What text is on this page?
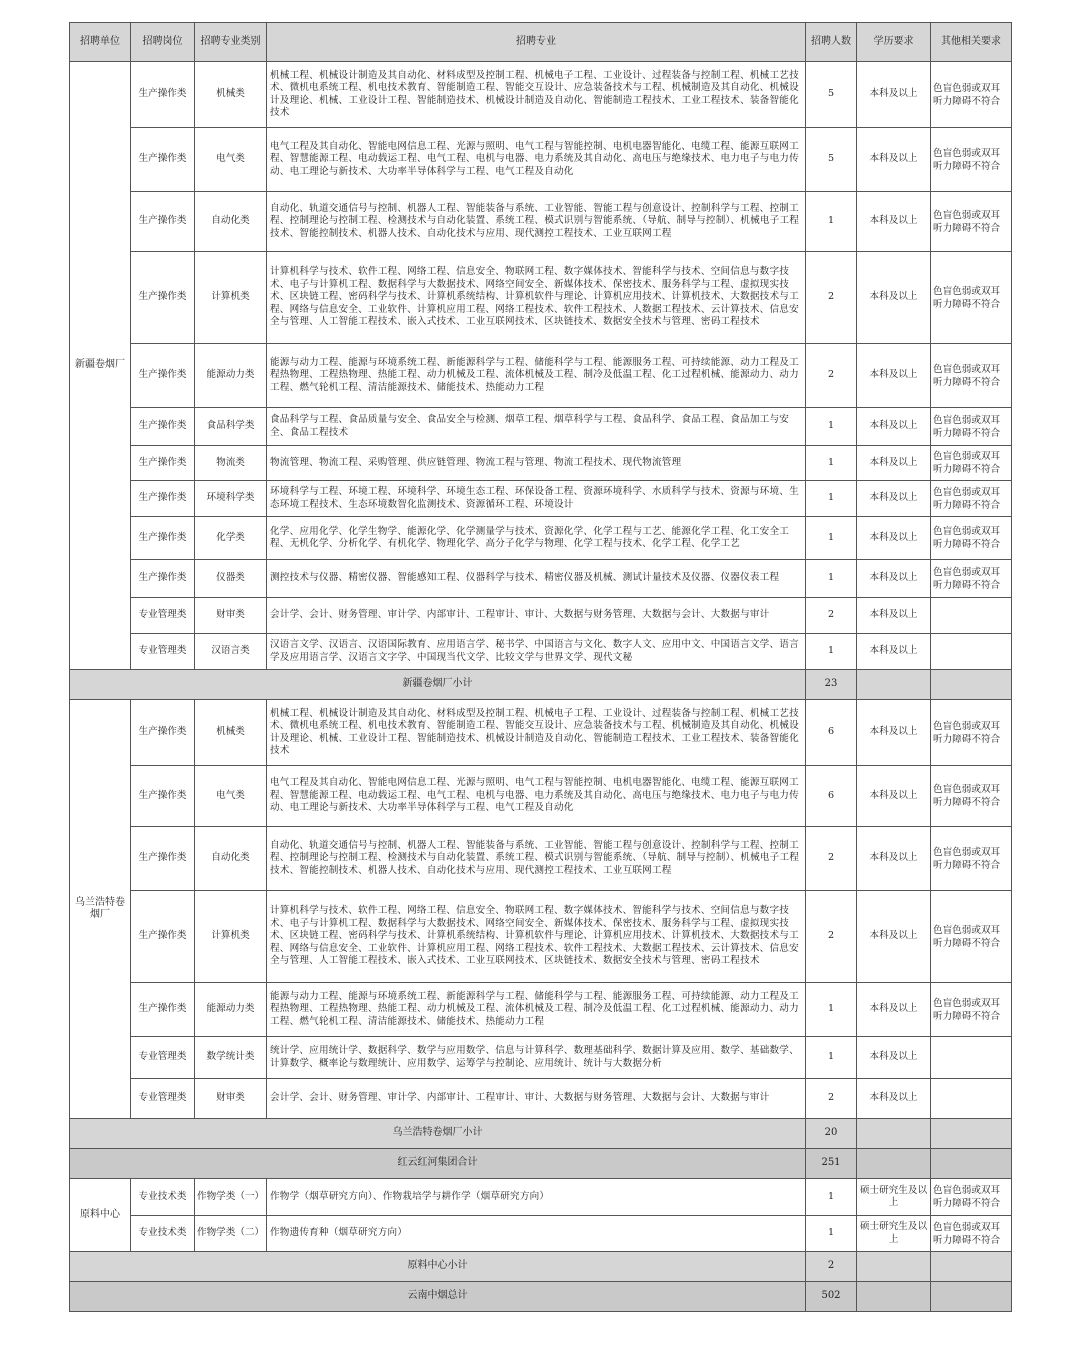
招聘单位	招聘岗位	招聘专业类别	招聘专业	招聘人数	学历要求	其他相关要求
新疆卷烟厂	生产操作类	机械类	机械工程、机械设计制造及其自动化、材料成型及控制工程、机械电子工程、工业设计、过程装备与控制工程、机械工艺技术、微机电系统工程、机电技术教育、智能制造工程、智能交互设计、应急装备技术与工程、机械制造及其自动化、机械设计及理论、机械、工业设计工程、智能制造技术、机械设计制造及自动化、智能制造工程技术、工业工程技术、装备智能化技术	5	本科及以上	色盲色弱或双耳听力障碍不符合
	生产操作类	电气类	电气工程及其自动化、智能电网信息工程、光源与照明、电气工程与智能控制、电机电器智能化、电缆工程、能源互联网工程、智慧能源工程、电动载运工程、电气工程、电机与电器、电力系统及其自动化、高电压与绝缘技术、电力电子与电力传动、电工理论与新技术、大功率半导体科学与工程、电气工程及自动化	5	本科及以上	色盲色弱或双耳听力障碍不符合
	生产操作类	自动化类	自动化、轨道交通信号与控制、机器人工程、智能装备与系统、工业智能、智能工程与创意设计、控制科学与工程、控制工程、控制理论与控制工程、检测技术与自动化装置、系统工程、模式识别与智能系统、（导航、制导与控制）、机械电子工程技术、智能控制技术、机器人技术、自动化技术与应用、现代测控工程技术、工业互联网工程	1	本科及以上	色盲色弱或双耳听力障碍不符合
	生产操作类	计算机类	计算机科学与技术、软件工程、网络工程、信息安全、物联网工程、数字媒体技术、智能科学与技术、空间信息与数字技术、电子与计算机工程、数据科学与大数据技术、网络空间安全、新媒体技术、保密技术、服务科学与工程、虚拟现实技术、区块链工程、密码科学与技术、计算机系统结构、计算机软件与理论、计算机应用技术、计算机技术、大数据技术与工程、网络与信息安全、工业软件、计算机应用工程、网络工程技术、软件工程技术、人数据工程技术、云计算技术、信息安全与管理、人工智能工程技术、嵌入式技术、工业互联网技术、区块链技术、数据安全技术与管理、密码工程技术	2	本科及以上	色盲色弱或双耳听力障碍不符合
	生产操作类	能源动力类	能源与动力工程、能源与环境系统工程、新能源科学与工程、储能科学与工程、能源服务工程、可持续能源、动力工程及工程热物理、工程热物理、热能工程、动力机械及工程、流体机械及工程、制冷及低温工程、化工过程机械、能源动力、动力工程、燃气轮机工程、清洁能源技术、储能技术、热能动力工程	2	本科及以上	色盲色弱或双耳听力障碍不符合
	生产操作类	食品科学类	食品科学与工程、食品质量与安全、食品安全与检测、烟草工程、烟草科学与工程、食品科学、食品工程、食品加工与安全、食品工程技术	1	本科及以上	色盲色弱或双耳听力障碍不符合
	生产操作类	物流类	物流管理、物流工程、采购管理、供应链管理、物流工程与管理、物流工程技术、现代物流管理	1	本科及以上	色盲色弱或双耳听力障碍不符合
	生产操作类	环境科学类	环境科学与工程、环境工程、环境科学、环境生态工程、环保设备工程、资源环境科学、水质科学与技术、资源与环境、生态环境工程技术、生态环境数智化监测技术、资源循环工程、环境设计	1	本科及以上	色盲色弱或双耳听力障碍不符合
	生产操作类	化学类	化学、应用化学、化学生物学、能源化学、化学测量学与技术、资源化学、化学工程与工艺、能源化学工程、化工安全工程、无机化学、分析化学、有机化学、物理化学、高分子化学与物理、化学工程与技术、化学工程、化学工艺	1	本科及以上	色盲色弱或双耳听力障碍不符合
	生产操作类	仪器类	测控技术与仪器、精密仪器、智能感知工程、仪器科学与技术、精密仪器及机械、测试计量技术及仪器、仪器仪表工程	1	本科及以上	色盲色弱或双耳听力障碍不符合
	专业管理类	财审类	会计学、会计、财务管理、审计学、内部审计、工程审计、审计、大数据与财务管理、大数据与会计、大数据与审计	2	本科及以上	
	专业管理类	汉语言类	汉语言文学、汉语言、汉语国际教育、应用语言学、秘书学、中国语言与文化、数字人文、应用中文、中国语言文学、语言学及应用语言学、汉语言文字学、中国现当代文学、比较文学与世界文学、现代文秘	1	本科及以上	
新疆卷烟厂小计				23		
乌兰浩特卷烟厂	生产操作类	机械类	机械工程、机械设计制造及其自动化、材料成型及控制工程、机械电子工程、工业设计、过程装备与控制工程、机械工艺技术、微机电系统工程、机电技术教育、智能制造工程、智能交互设计、应急装备技术与工程、机械制造及其自动化、机械设计及理论、机械、工业设计工程、智能制造技术、机械设计制造及自动化、智能制造工程技术、工业工程技术、装备智能化技术	6	本科及以上	色盲色弱或双耳听力障碍不符合
	生产操作类	电气类	电气工程及其自动化、智能电网信息工程、光源与照明、电气工程与智能控制、电机电器智能化、电缆工程、能源互联网工程、智慧能源工程、电动载运工程、电气工程、电机与电器、电力系统及其自动化、高电压与绝缘技术、电力电子与电力传动、电工理论与新技术、大功率半导体科学与工程、电气工程及自动化	6	本科及以上	色盲色弱或双耳听力障碍不符合
	生产操作类	自动化类	自动化、轨道交通信号与控制、机器人工程、智能装备与系统、工业智能、智能工程与创意设计、控制科学与工程、控制工程、控制理论与控制工程、检测技术与自动化装置、系统工程、模式识别与智能系统、（导航、制导与控制）、机械电子工程技术、智能控制技术、机器人技术、自动化技术与应用、现代测控工程技术、工业互联网工程	2	本科及以上	色盲色弱或双耳听力障碍不符合
	生产操作类	计算机类	计算机科学与技术、软件工程、网络工程、信息安全、物联网工程、数字媒体技术、智能科学与技术、空间信息与数字技术、电子与计算机工程、数据科学与大数据技术、网络空间安全、新媒体技术、保密技术、服务科学与工程、虚拟现实技术、区块链工程、密码科学与技术、计算机系统结构、计算机软件与理论、计算机应用技术、计算机技术、大数据技术与工程、网络与信息安全、工业软件、计算机应用工程、网络工程技术、软件工程技术、大数据工程技术、云计算技术、信息安全与管理、人工智能工程技术、嵌入式技术、工业互联网技术、区块链技术、数据安全技术与管理、密码工程技术	2	本科及以上	色盲色弱或双耳听力障碍不符合
	生产操作类	能源动力类	能源与动力工程、能源与环境系统工程、新能源科学与工程、储能科学与工程、能源服务工程、可持续能源、动力工程及工程热物理、工程热物理、热能工程、动力机械及工程、流体机械及工程、制冷及低温工程、化工过程机械、能源动力、动力工程、燃气轮机工程、清洁能源技术、储能技术、热能动力工程	1	本科及以上	色盲色弱或双耳听力障碍不符合
	专业管理类	数学统计类	统计学、应用统计学、数据科学、数学与应用数学、信息与计算科学、数理基础科学、数据计算及应用、数学、基础数学、计算数学、概率论与数理统计、应用数学、运筹学与控制论、应用统计、统计与大数据分析	1	本科及以上	
	专业管理类	财审类	会计学、会计、财务管理、审计学、内部审计、工程审计、审计、大数据与财务管理、大数据与会计、大数据与审计	2	本科及以上	
乌兰浩特卷烟厂小计				20		
红云红河集团合计				251		
原料中心	专业技术类	作物学类（一）	作物学（烟草研究方向）、作物栽培学与耕作学（烟草研究方向）	1	硕士研究生及以上	色盲色弱或双耳听力障碍不符合
	专业技术类	作物学类（二）	作物遗传育种（烟草研究方向）	1	硕士研究生及以上	色盲色弱或双耳听力障碍不符合
原料中心小计				2		
云南中烟总计				502		
